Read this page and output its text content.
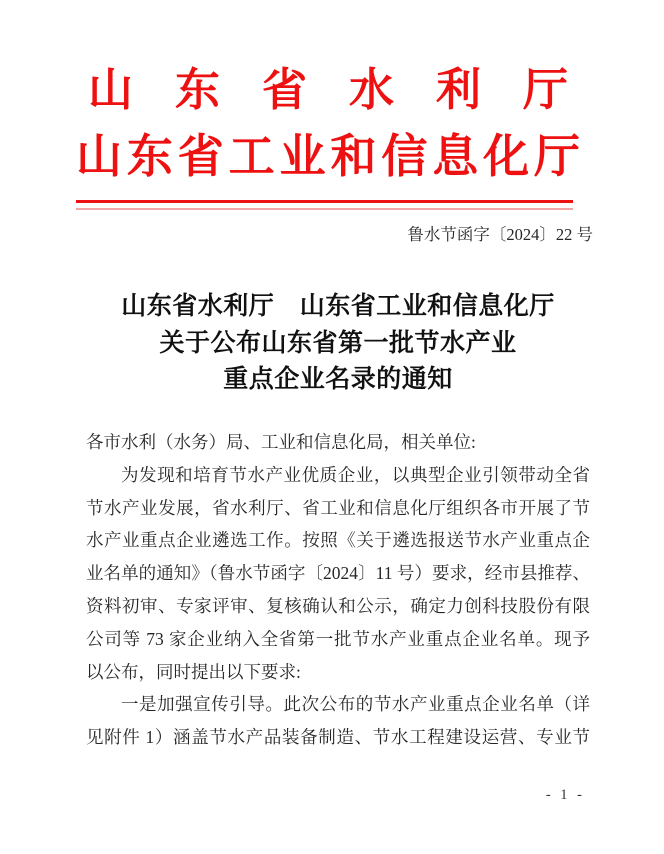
山东省水利厅
山东省工业和信息化厅
鲁水节函字〔2024〕22 号
山东省水利厅　山东省工业和信息化厅
关于公布山东省第一批节水产业
重点企业名录的通知
各市水利（水务）局、工业和信息化局，相关单位:
为发现和培育节水产业优质企业，以典型企业引领带动全省
节水产业发展，省水利厅、省工业和信息化厅组织各市开展了节
水产业重点企业遴选工作。按照《关于遴选报送节水产业重点企
业名单的通知》（鲁水节函字〔2024〕11 号）要求，经市县推荐、
资料初审、专家评审、复核确认和公示，确定力创科技股份有限
公司等 73 家企业纳入全省第一批节水产业重点企业名单。现予
以公布，同时提出以下要求:
一是加强宣传引导。此次公布的节水产业重点企业名单（详
见附件 1）涵盖节水产品装备制造、节水工程建设运营、专业节
- 1 -
